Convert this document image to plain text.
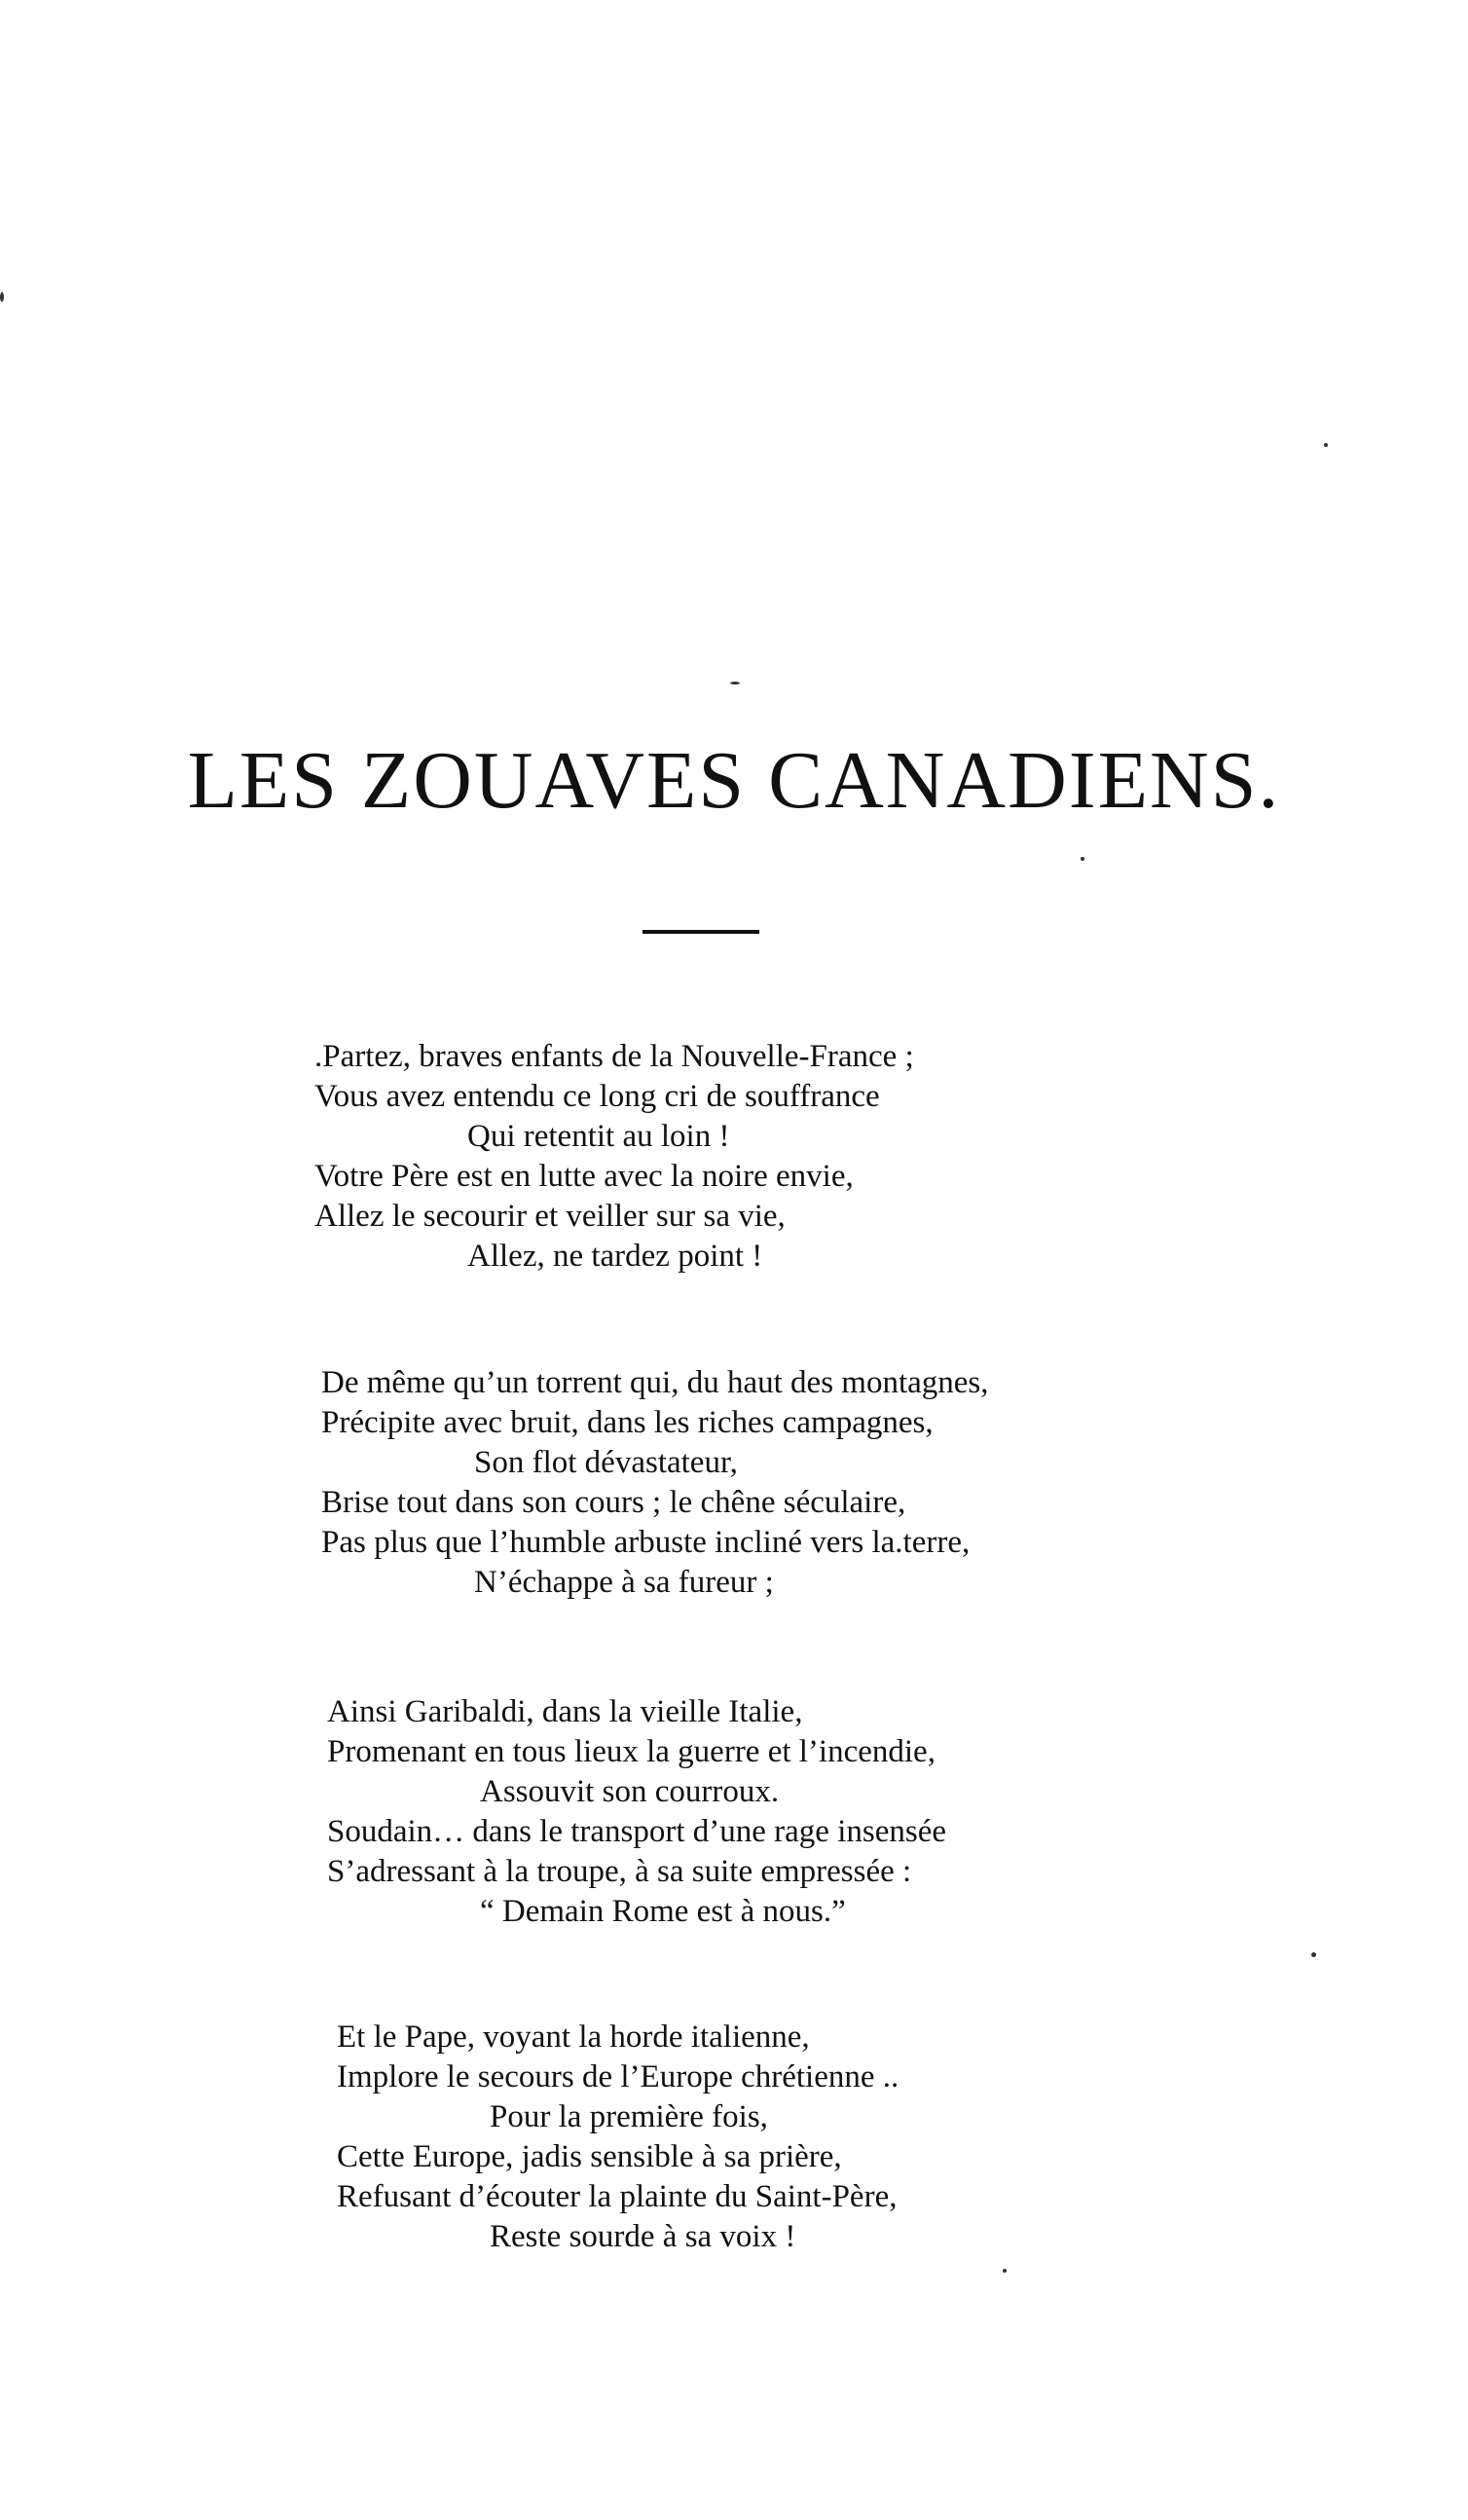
LES ZOUAVES CANADIENS.
.Partez, braves enfants de la Nouvelle-France ;
Vous avez entendu ce long cri de souffrance
Qui retentit au loin !
Votre Père est en lutte avec la noire envie,
Allez le secourir et veiller sur sa vie,
Allez, ne tardez point !
De même qu’un torrent qui, du haut des montagnes,
Précipite avec bruit, dans les riches campagnes,
Son flot dévastateur,
Brise tout dans son cours ; le chêne séculaire,
Pas plus que l’humble arbuste incliné vers la.terre,
N’échappe à sa fureur ;
Ainsi Garibaldi, dans la vieille Italie,
Promenant en tous lieux la guerre et l’incendie,
Assouvit son courroux.
Soudain… dans le transport d’une rage insensée
S’adressant à la troupe, à sa suite empressée :
“ Demain Rome est à nous.”
Et le Pape, voyant la horde italienne,
Implore le secours de l’Europe chrétienne ..
Pour la première fois,
Cette Europe, jadis sensible à sa prière,
Refusant d’écouter la plainte du Saint-Père,
Reste sourde à sa voix !
